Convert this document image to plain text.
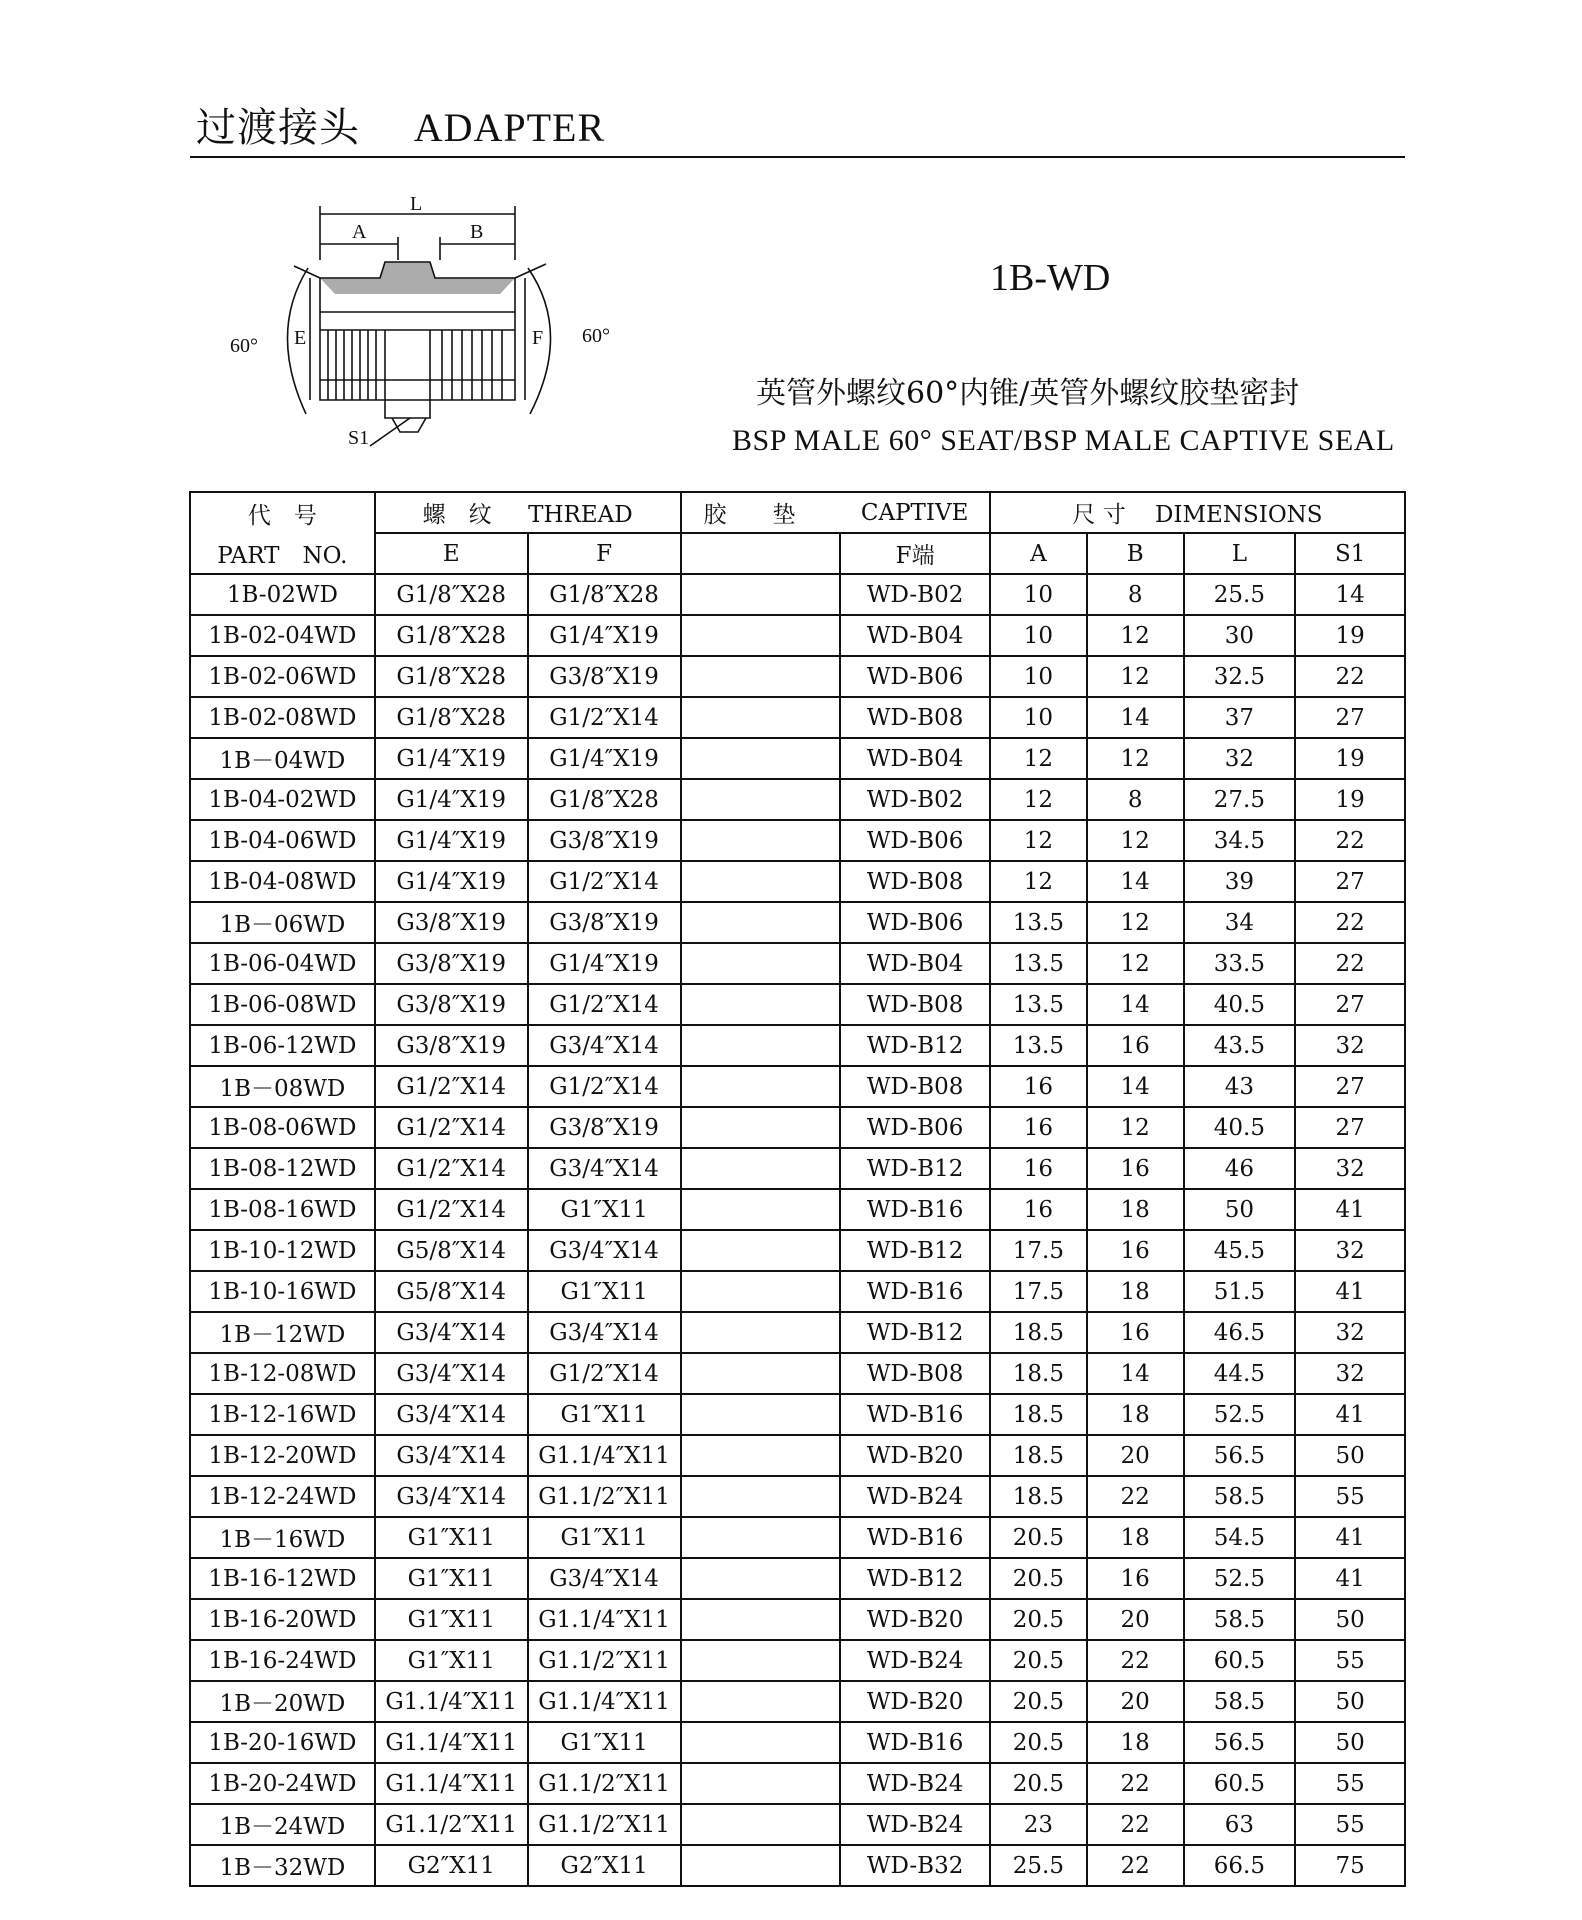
过渡接头 ADAPTER
L
A	B
E	F
S1
60°	60°
1B-WD
英管外螺纹60°内锥/英管外螺纹胶垫密封
BSP MALE 60° SEAT/BSP MALE CAPTIVE SEAL
代　号	螺　纹 THREAD		胶　　垫	CAPTIVE	尺 寸 DIMENSIONS			
PART　NO.	E	F		F端	A	B	L	S1
1B-02WD	G1/8″X28	G1/8″X28		WD-B02	10	8	25.5	14
1B-02-04WD	G1/8″X28	G1/4″X19		WD-B04	10	12	30	19
1B-02-06WD	G1/8″X28	G3/8″X19		WD-B06	10	12	32.5	22
1B-02-08WD	G1/8″X28	G1/2″X14		WD-B08	10	14	37	27
1B－04WD	G1/4″X19	G1/4″X19		WD-B04	12	12	32	19
1B-04-02WD	G1/4″X19	G1/8″X28		WD-B02	12	8	27.5	19
1B-04-06WD	G1/4″X19	G3/8″X19		WD-B06	12	12	34.5	22
1B-04-08WD	G1/4″X19	G1/2″X14		WD-B08	12	14	39	27
1B－06WD	G3/8″X19	G3/8″X19		WD-B06	13.5	12	34	22
1B-06-04WD	G3/8″X19	G1/4″X19		WD-B04	13.5	12	33.5	22
1B-06-08WD	G3/8″X19	G1/2″X14		WD-B08	13.5	14	40.5	27
1B-06-12WD	G3/8″X19	G3/4″X14		WD-B12	13.5	16	43.5	32
1B－08WD	G1/2″X14	G1/2″X14		WD-B08	16	14	43	27
1B-08-06WD	G1/2″X14	G3/8″X19		WD-B06	16	12	40.5	27
1B-08-12WD	G1/2″X14	G3/4″X14		WD-B12	16	16	46	32
1B-08-16WD	G1/2″X14	G1″X11		WD-B16	16	18	50	41
1B-10-12WD	G5/8″X14	G3/4″X14		WD-B12	17.5	16	45.5	32
1B-10-16WD	G5/8″X14	G1″X11		WD-B16	17.5	18	51.5	41
1B－12WD	G3/4″X14	G3/4″X14		WD-B12	18.5	16	46.5	32
1B-12-08WD	G3/4″X14	G1/2″X14		WD-B08	18.5	14	44.5	32
1B-12-16WD	G3/4″X14	G1″X11		WD-B16	18.5	18	52.5	41
1B-12-20WD	G3/4″X14	G1.1/4″X11		WD-B20	18.5	20	56.5	50
1B-12-24WD	G3/4″X14	G1.1/2″X11		WD-B24	18.5	22	58.5	55
1B－16WD	G1″X11	G1″X11		WD-B16	20.5	18	54.5	41
1B-16-12WD	G1″X11	G3/4″X14		WD-B12	20.5	16	52.5	41
1B-16-20WD	G1″X11	G1.1/4″X11		WD-B20	20.5	20	58.5	50
1B-16-24WD	G1″X11	G1.1/2″X11		WD-B24	20.5	22	60.5	55
1B－20WD	G1.1/4″X11	G1.1/4″X11		WD-B20	20.5	20	58.5	50
1B-20-16WD	G1.1/4″X11	G1″X11		WD-B16	20.5	18	56.5	50
1B-20-24WD	G1.1/4″X11	G1.1/2″X11		WD-B24	20.5	22	60.5	55
1B－24WD	G1.1/2″X11	G1.1/2″X11		WD-B24	23	22	63	55
1B－32WD	G2″X11	G2″X11		WD-B32	25.5	22	66.5	75
